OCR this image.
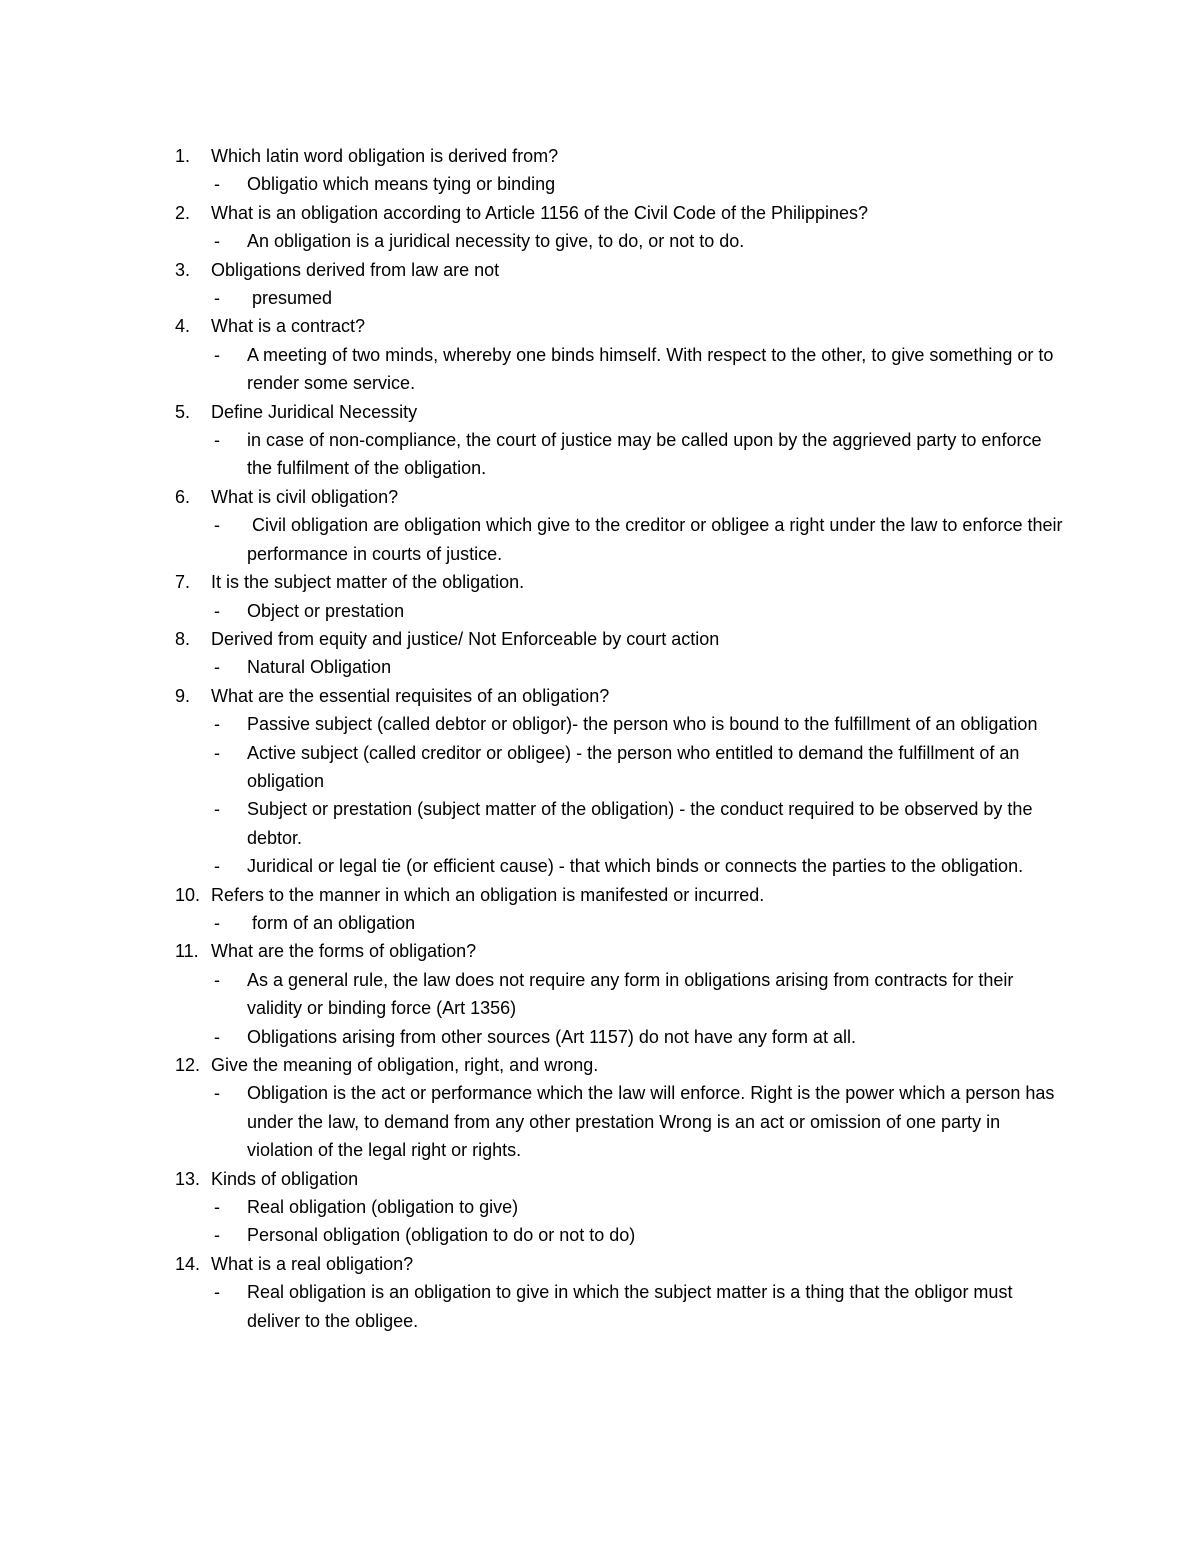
1. Which latin word obligation is derived from?
- Obligatio which means tying or binding
2. What is an obligation according to Article 1156 of the Civil Code of the Philippines?
- An obligation is a juridical necessity to give, to do, or not to do.
3. Obligations derived from law are not
- presumed
4. What is a contract?
- A meeting of two minds, whereby one binds himself. With respect to the other, to give something or to render some service.
5. Define Juridical Necessity
- in case of non-compliance, the court of justice may be called upon by the aggrieved party to enforce the fulfilment of the obligation.
6. What is civil obligation?
- Civil obligation are obligation which give to the creditor or obligee a right under the law to enforce their performance in courts of justice.
7. It is the subject matter of the obligation.
- Object or prestation
8. Derived from equity and justice/ Not Enforceable by court action
- Natural Obligation
9. What are the essential requisites of an obligation?
- Passive subject (called debtor or obligor)- the person who is bound to the fulfillment of an obligation
- Active subject (called creditor or obligee) - the person who entitled to demand the fulfillment of an obligation
- Subject or prestation (subject matter of the obligation) - the conduct required to be observed by the debtor.
- Juridical or legal tie (or efficient cause) - that which binds or connects the parties to the obligation.
10. Refers to the manner in which an obligation is manifested or incurred.
- form of an obligation
11. What are the forms of obligation?
- As a general rule, the law does not require any form in obligations arising from contracts for their validity or binding force (Art 1356)
- Obligations arising from other sources (Art 1157) do not have any form at all.
12. Give the meaning of obligation, right, and wrong.
- Obligation is the act or performance which the law will enforce. Right is the power which a person has under the law, to demand from any other prestation Wrong is an act or omission of one party in violation of the legal right or rights.
13. Kinds of obligation
- Real obligation (obligation to give)
- Personal obligation (obligation to do or not to do)
14. What is a real obligation?
- Real obligation is an obligation to give in which the subject matter is a thing that the obligor must deliver to the obligee.
